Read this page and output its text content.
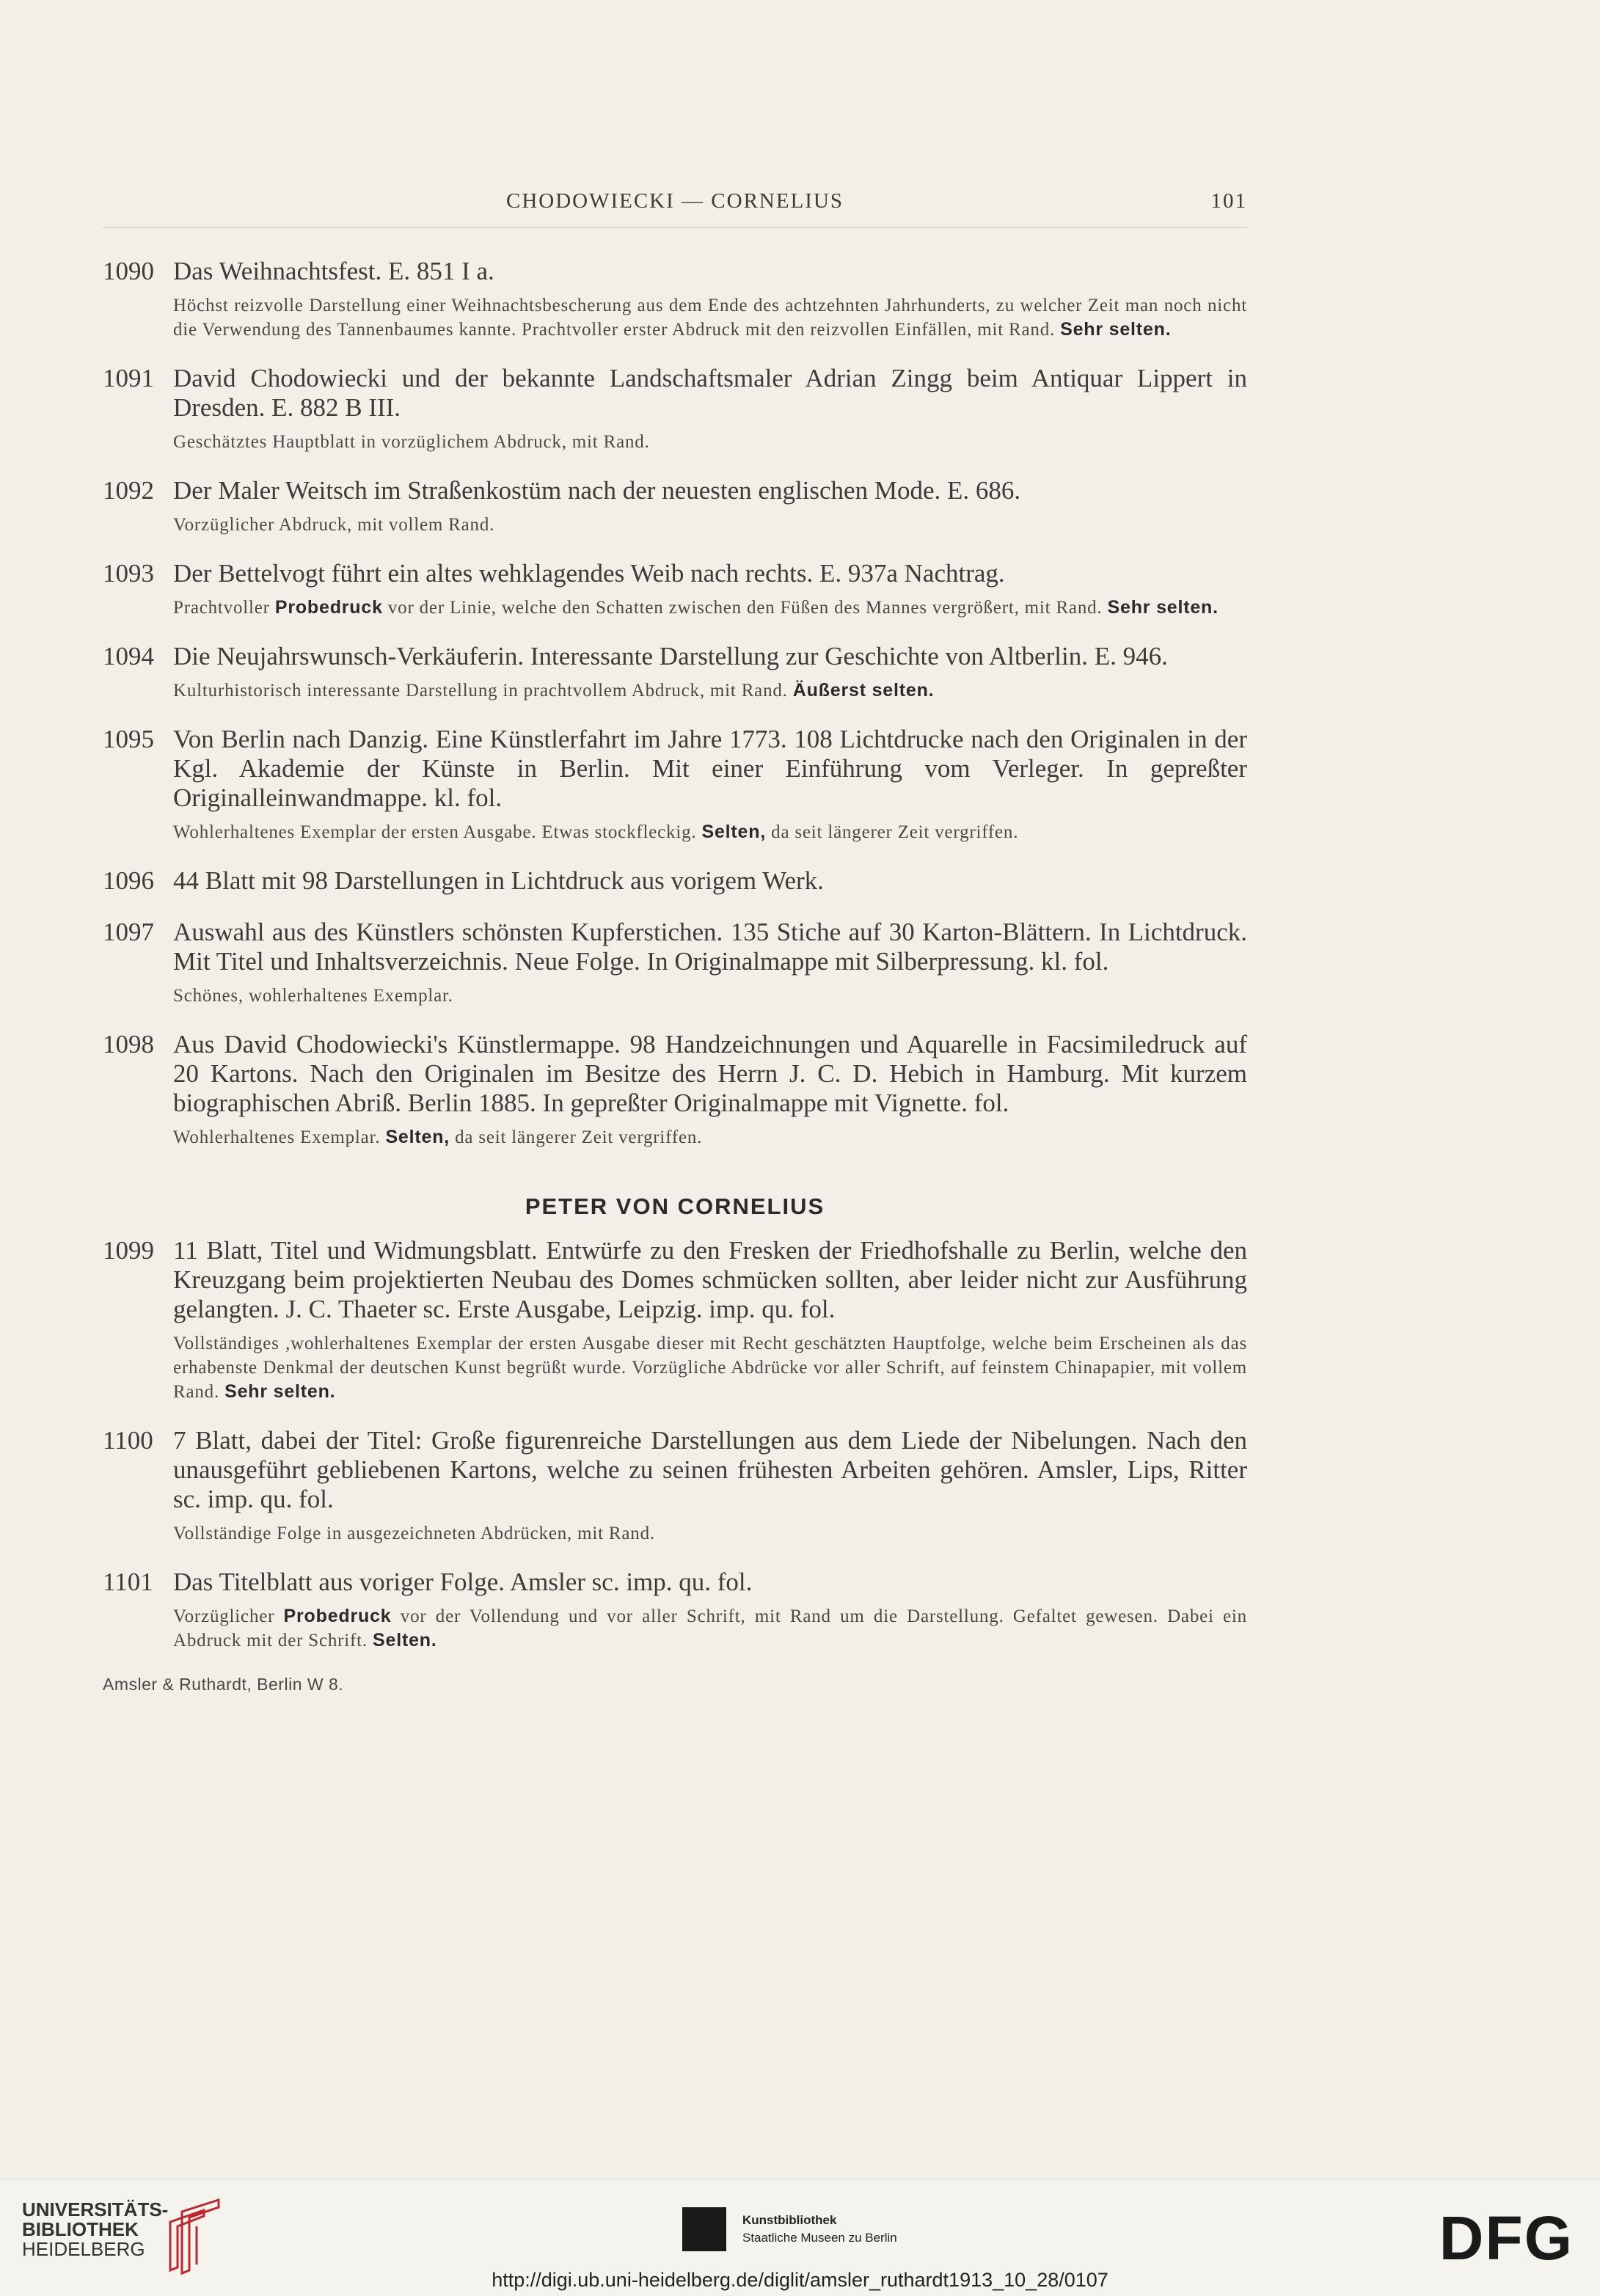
CHODOWIECKI — CORNELIUS	101
1090 Das Weihnachtsfest. E. 851 I a.
Höchst reizvolle Darstellung einer Weihnachtsbescherung aus dem Ende des achtzehnten Jahrhunderts, zu welcher Zeit man noch nicht die Verwendung des Tannenbaumes kannte. Prachtvoller erster Abdruck mit den reizvollen Einfällen, mit Rand. Sehr selten.
1091 David Chodowiecki und der bekannte Landschaftsmaler Adrian Zingg beim Antiquar Lippert in Dresden. E. 882 B III.
Geschätztes Hauptblatt in vorzüglichem Abdruck, mit Rand.
1092 Der Maler Weitsch im Straßenkostüm nach der neuesten englischen Mode. E. 686.
Vorzüglicher Abdruck, mit vollem Rand.
1093 Der Bettelvogt führt ein altes wehklagendes Weib nach rechts. E. 937a Nachtrag.
Prachtvoller Probedruck vor der Linie, welche den Schatten zwischen den Füßen des Mannes vergrößert, mit Rand. Sehr selten.
1094 Die Neujahrswunsch-Verkäuferin. Interessante Darstellung zur Geschichte von Altberlin. E. 946.
Kulturhistorisch interessante Darstellung in prachtvollem Abdruck, mit Rand. Äußerst selten.
1095 Von Berlin nach Danzig. Eine Künstlerfahrt im Jahre 1773. 108 Lichtdrucke nach den Originalen in der Kgl. Akademie der Künste in Berlin. Mit einer Einführung vom Verleger. In gepreßter Originalleinwandmappe. kl. fol.
Wohlerhaltenes Exemplar der ersten Ausgabe. Etwas stockfleckig. Selten, da seit längerer Zeit vergriffen.
1096 44 Blatt mit 98 Darstellungen in Lichtdruck aus vorigem Werk.
1097 Auswahl aus des Künstlers schönsten Kupferstichen. 135 Stiche auf 30 Karton-Blättern. In Lichtdruck. Mit Titel und Inhaltsverzeichnis. Neue Folge. In Originalmappe mit Silberpressung. kl. fol.
Schönes, wohlerhaltenes Exemplar.
1098 Aus David Chodowiecki's Künstlermappe. 98 Handzeichnungen und Aquarelle in Facsimiledruck auf 20 Kartons. Nach den Originalen im Besitze des Herrn J. C. D. Hebich in Hamburg. Mit kurzem biographischen Abriß. Berlin 1885. In gepreßter Originalmappe mit Vignette. fol.
Wohlerhaltenes Exemplar. Selten, da seit längerer Zeit vergriffen.
PETER VON CORNELIUS
1099 11 Blatt, Titel und Widmungsblatt. Entwürfe zu den Fresken der Friedhofshalle zu Berlin, welche den Kreuzgang beim projektierten Neubau des Domes schmücken sollten, aber leider nicht zur Ausführung gelangten. J. C. Thaeter sc. Erste Ausgabe, Leipzig. imp. qu. fol.
Vollständiges ,wohlerhaltenes Exemplar der ersten Ausgabe dieser mit Recht geschätzten Hauptfolge, welche beim Erscheinen als das erhabenste Denkmal der deutschen Kunst begrüßt wurde. Vorzügliche Abdrücke vor aller Schrift, auf feinstem Chinapapier, mit vollem Rand. Sehr selten.
1100 7 Blatt, dabei der Titel: Große figurenreiche Darstellungen aus dem Liede der Nibelungen. Nach den unausgeführt gebliebenen Kartons, welche zu seinen frühesten Arbeiten gehören. Amsler, Lips, Ritter sc. imp. qu. fol.
Vollständige Folge in ausgezeichneten Abdrücken, mit Rand.
1101 Das Titelblatt aus voriger Folge. Amsler sc. imp. qu. fol.
Vorzüglicher Probedruck vor der Vollendung und vor aller Schrift, mit Rand um die Darstellung. Gefaltet gewesen. Dabei ein Abdruck mit der Schrift. Selten.
Amsler & Ruthardt, Berlin W 8.
UNIVERSITÄTS-
BIBLIOTHEK
HEIDELBERG
Kunstbibliothek
Staatliche Museen zu Berlin	DFG
http://digi.ub.uni-heidelberg.de/diglit/amsler_ruthardt1913_10_28/0107
